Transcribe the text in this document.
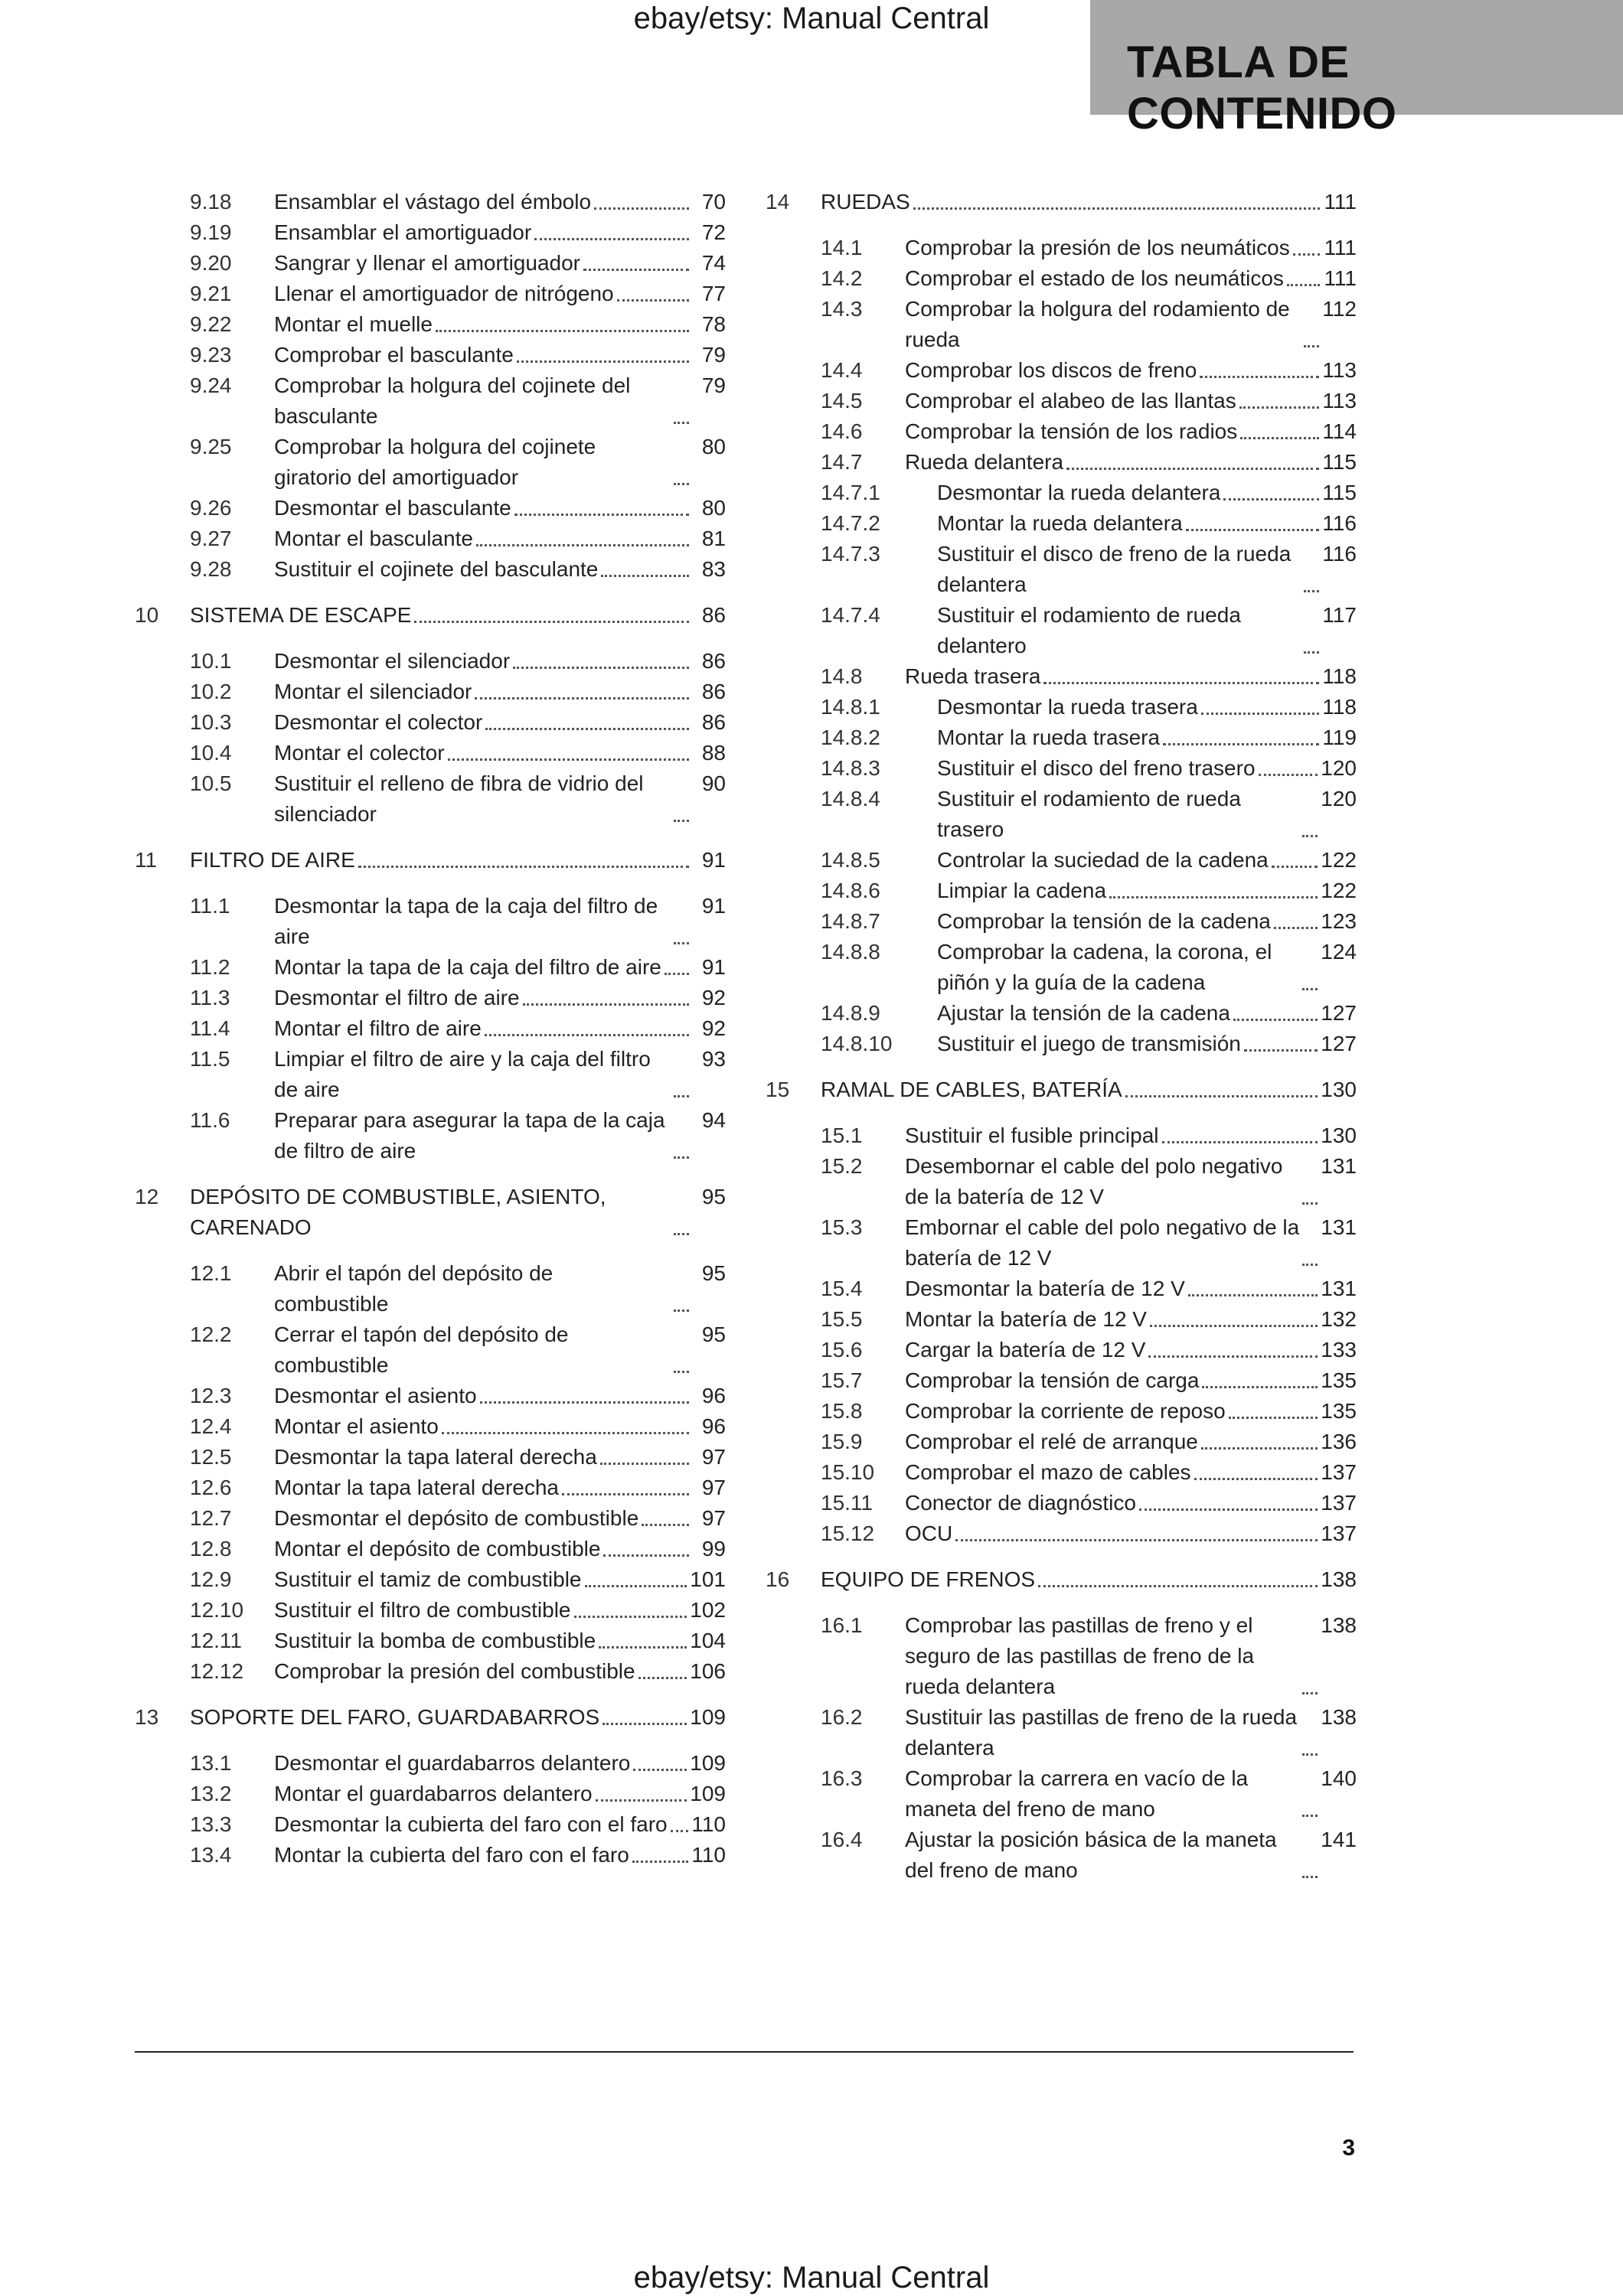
ebay/etsy: Manual Central
TABLA DE CONTENIDO
9.18	Ensamblar el vástago del émbolo	70
9.19	Ensamblar el amortiguador	72
9.20	Sangrar y llenar el amortiguador	74
9.21	Llenar el amortiguador de nitrógeno	77
9.22	Montar el muelle	78
9.23	Comprobar el basculante	79
9.24	Comprobar la holgura del cojinete del basculante
79
9.25	Comprobar la holgura del cojinete giratorio del amortiguador
80
9.26	Desmontar el basculante	80
9.27	Montar el basculante	81
9.28	Sustituir el cojinete del basculante	83
10	SISTEMA DE ESCAPE	86
10.1	Desmontar el silenciador	86
10.2	Montar el silenciador	86
10.3	Desmontar el colector	86
10.4	Montar el colector	88
10.5	Sustituir el relleno de fibra de vidrio del silenciador
90
11	FILTRO DE AIRE	91
11.1	Desmontar la tapa de la caja del filtro de aire
91
11.2	Montar la tapa de la caja del filtro de aire	91
11.3	Desmontar el filtro de aire	92
11.4	Montar el filtro de aire	92
11.5	Limpiar el filtro de aire y la caja del filtro de aire
93
11.6	Preparar para asegurar la tapa de la caja de filtro de aire
94
12	DEPÓSITO DE COMBUSTIBLE, ASIENTO, CARENADO
95
12.1	Abrir el tapón del depósito de combustible
95
12.2	Cerrar el tapón del depósito de combustible
95
12.3	Desmontar el asiento	96
12.4	Montar el asiento	96
12.5	Desmontar la tapa lateral derecha	97
12.6	Montar la tapa lateral derecha	97
12.7	Desmontar el depósito de combustible	97
12.8	Montar el depósito de combustible	99
12.9	Sustituir el tamiz de combustible	101
12.10	Sustituir el filtro de combustible	102
12.11	Sustituir la bomba de combustible	104
12.12	Comprobar la presión del combustible	106
13	SOPORTE DEL FARO, GUARDABARROS	109
13.1	Desmontar el guardabarros delantero	109
13.2	Montar el guardabarros delantero	109
13.3	Desmontar la cubierta del faro con el faro 110
13.4	Montar la cubierta del faro con el faro	110
14	RUEDAS	111
14.1	Comprobar la presión de los neumáticos 111
14.2	Comprobar el estado de los neumáticos 111
14.3	Comprobar la holgura del rodamiento de rueda
112
14.4	Comprobar los discos de freno	113
14.5	Comprobar el alabeo de las llantas	113
14.6	Comprobar la tensión de los radios	114
14.7	Rueda delantera	115
14.7.1	Desmontar la rueda delantera	115
14.7.2	Montar la rueda delantera	116
14.7.3	Sustituir el disco de freno de la rueda delantera
116
14.7.4	Sustituir el rodamiento de rueda delantero
117
14.8	Rueda trasera	118
14.8.1	Desmontar la rueda trasera	118
14.8.2	Montar la rueda trasera	119
14.8.3	Sustituir el disco del freno trasero	120
14.8.4	Sustituir el rodamiento de rueda trasero
120
14.8.5	Controlar la suciedad de la cadena 122
14.8.6	Limpiar la cadena	122
14.8.7	Comprobar la tensión de la cadena 123
14.8.8	Comprobar la cadena, la corona, el piñón y la guía de la cadena
124
14.8.9	Ajustar la tensión de la cadena	127
14.8.10	Sustituir el juego de transmisión	127
15	RAMAL DE CABLES, BATERÍA	130
15.1	Sustituir el fusible principal	130
15.2	Desembornar el cable del polo negativo de la batería de 12 V
131
15.3	Embornar el cable del polo negativo de la batería de 12 V
131
15.4	Desmontar la batería de 12 V	131
15.5	Montar la batería de 12 V	132
15.6	Cargar la batería de 12 V	133
15.7	Comprobar la tensión de carga	135
15.8	Comprobar la corriente de reposo	135
15.9	Comprobar el relé de arranque	136
15.10	Comprobar el mazo de cables	137
15.11	Conector de diagnóstico	137
15.12	OCU	137
16	EQUIPO DE FRENOS	138
16.1	Comprobar las pastillas de freno y el seguro de las pastillas de freno de la rueda delantera
138
16.2	Sustituir las pastillas de freno de la rueda delantera
138
16.3	Comprobar la carrera en vacío de la maneta del freno de mano
140
16.4	Ajustar la posición básica de la maneta del freno de mano
141
3
ebay/etsy: Manual Central
